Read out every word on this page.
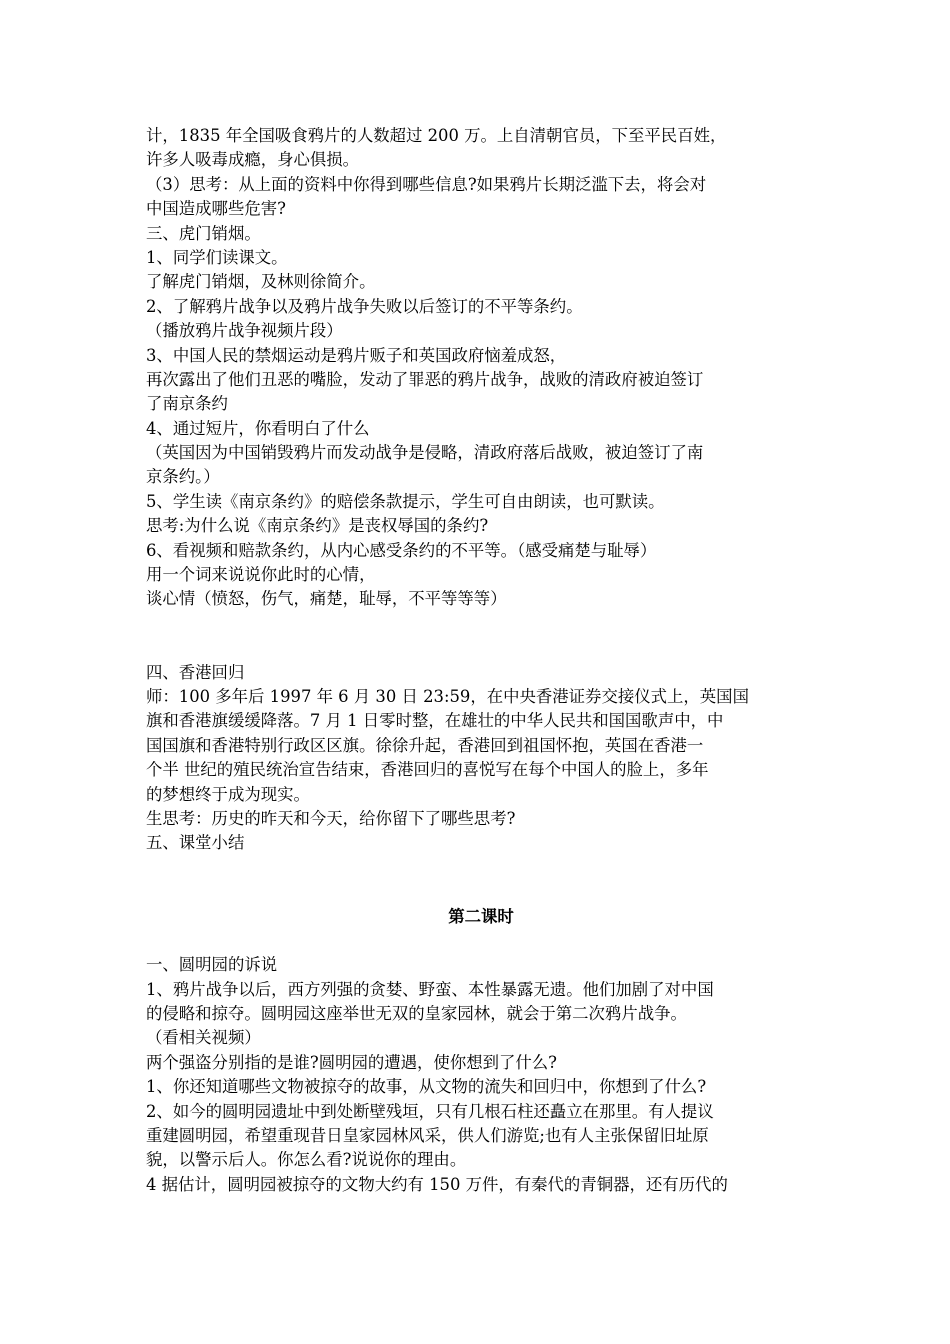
计，1835 年全国吸食鸦片的人数超过 200 万。上自清朝官员，下至平民百姓，
许多人吸毒成瘾，身心俱损。
（3）思考：从上面的资料中你得到哪些信息?如果鸦片长期泛滥下去，将会对
中国造成哪些危害?
三、虎门销烟。
1、同学们读课文。
了解虎门销烟，及林则徐简介。
2、了解鸦片战争以及鸦片战争失败以后签订的不平等条约。
（播放鸦片战争视频片段）
3、中国人民的禁烟运动是鸦片贩子和英国政府恼羞成怒，
再次露出了他们丑恶的嘴脸，发动了罪恶的鸦片战争，战败的清政府被迫签订
了南京条约
4、通过短片，你看明白了什么
（英国因为中国销毁鸦片而发动战争是侵略，清政府落后战败，被迫签订了南
京条约。）
5、学生读《南京条约》的赔偿条款提示，学生可自由朗读，也可默读。
思考:为什么说《南京条约》是丧权辱国的条约?
6、看视频和赔款条约，从内心感受条约的不平等。（感受痛楚与耻辱）
用一个词来说说你此时的心情，
谈心情（愤怒，伤气，痛楚，耻辱，不平等等等）
四、香港回归
师：100 多年后 1997 年 6 月 30 日 23:59，在中央香港证券交接仪式上，英国国
旗和香港旗缓缓降落。7 月 1 日零时整，在雄壮的中华人民共和国国歌声中，中
国国旗和香港特别行政区区旗。徐徐升起，香港回到祖国怀抱，英国在香港一
个半 世纪的殖民统治宣告结束，香港回归的喜悦写在每个中国人的脸上，多年
的梦想终于成为现实。
生思考：历史的昨天和今天，给你留下了哪些思考?
五、课堂小结
第二课时
一、圆明园的诉说
1、鸦片战争以后，西方列强的贪婪、野蛮、本性暴露无遗。他们加剧了对中国
的侵略和掠夺。圆明园这座举世无双的皇家园林，就会于第二次鸦片战争。
（看相关视频）
两个强盗分别指的是谁?圆明园的遭遇，使你想到了什么?
1、你还知道哪些文物被掠夺的故事，从文物的流失和回归中，你想到了什么?
2、如今的圆明园遗址中到处断壁残垣，只有几根石柱还矗立在那里。有人提议
重建圆明园，希望重现昔日皇家园林风采，供人们游览;也有人主张保留旧址原
貌，以警示后人。你怎么看?说说你的理由。
4 据估计，圆明园被掠夺的文物大约有 150 万件，有秦代的青铜器，还有历代的
